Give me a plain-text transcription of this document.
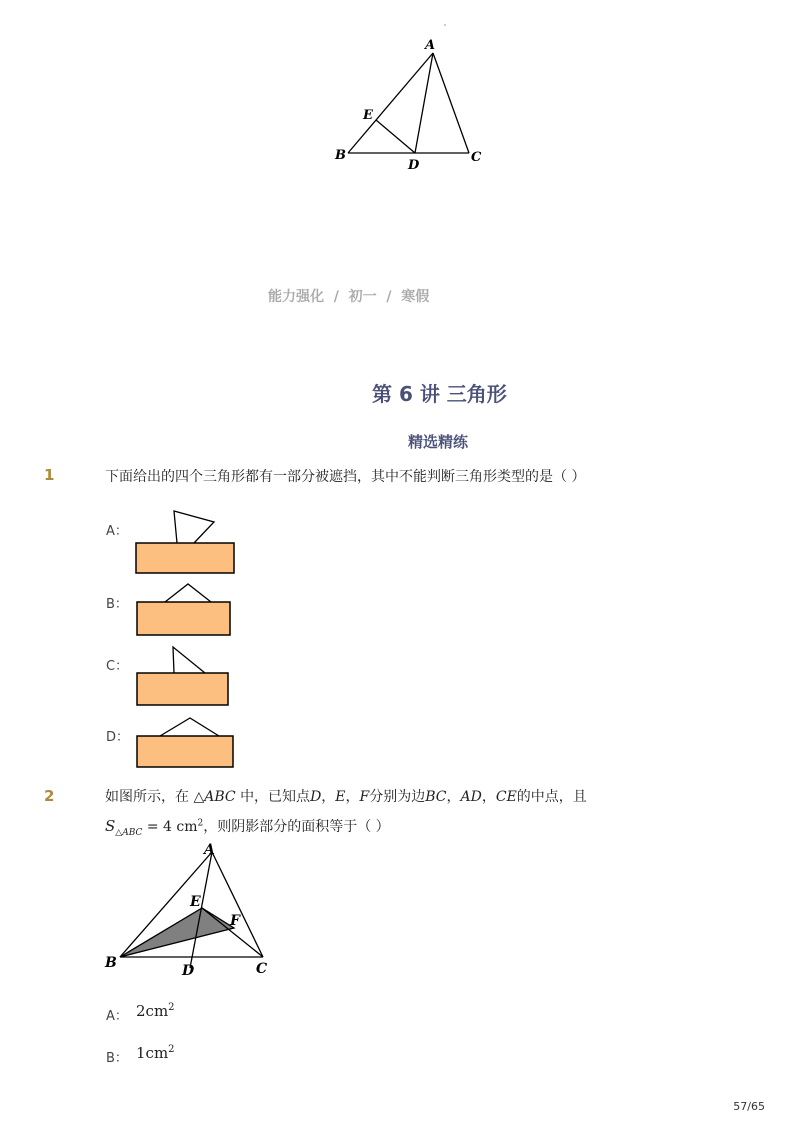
A
E
B
D
C
能力强化  /  初一  /  寒假
第 6 讲 三角形
精选精练
1	下面给出的四个三角形都有一部分被遮挡，其中不能判断三角形类型的是（ ）
A：
B：
C：
D：
2	如图所示，在 △ABC 中，已知点D，E，F分别为边BC，AD，CE的中点，且
$S_{\triangle ABC} = 4$ $cm^2$，则阴影部分的面积等于（ ）
A
E
F
B	D	C
A： $2cm^2$
B： $1cm^2$
57/65
